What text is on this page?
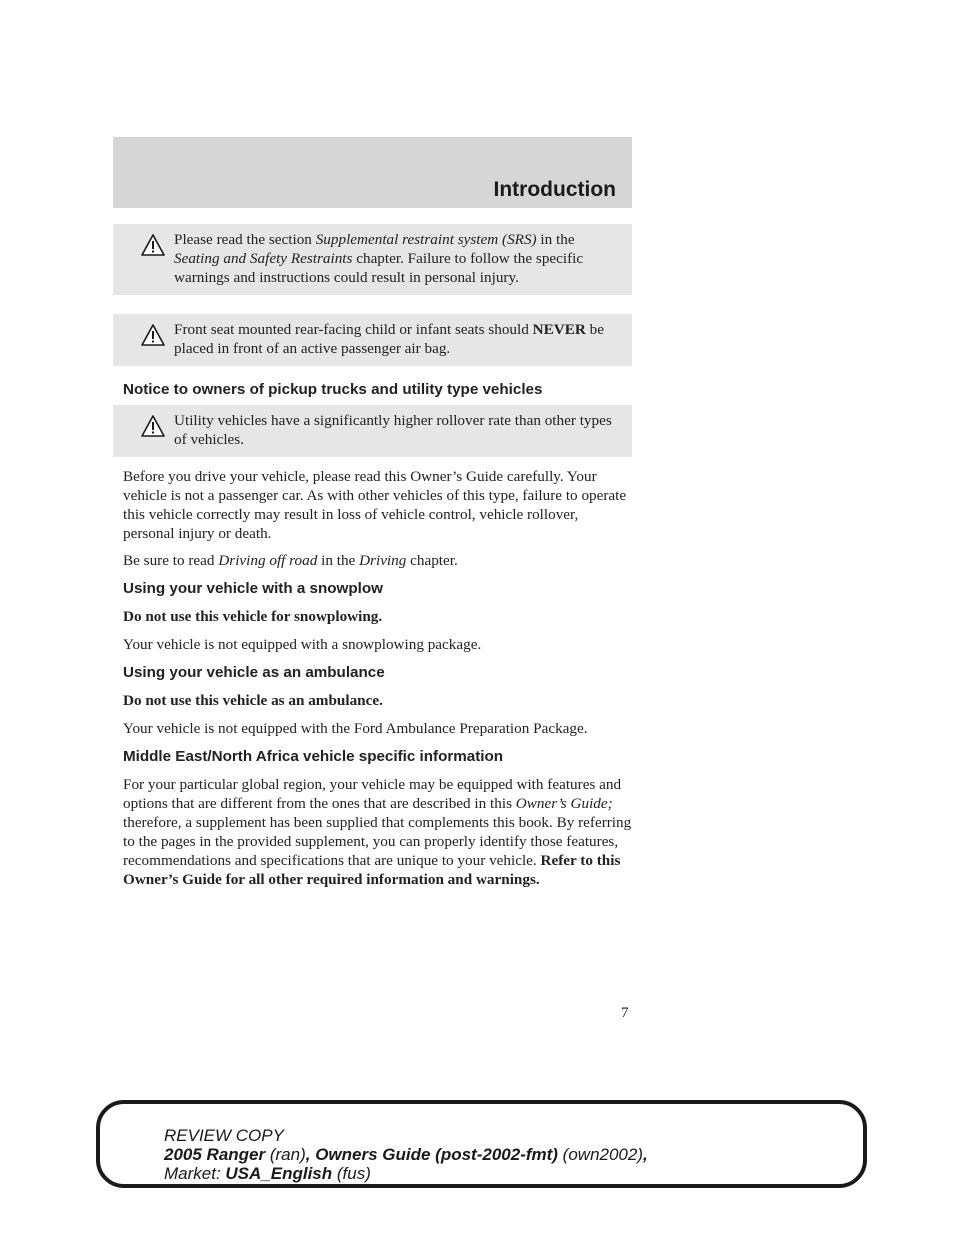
Introduction

Please read the section Supplemental restraint system (SRS) in the Seating and Safety Restraints chapter. Failure to follow the specific warnings and instructions could result in personal injury.

Front seat mounted rear-facing child or infant seats should NEVER be placed in front of an active passenger air bag.

Notice to owners of pickup trucks and utility type vehicles

Utility vehicles have a significantly higher rollover rate than other types of vehicles.

Before you drive your vehicle, please read this Owner’s Guide carefully. Your vehicle is not a passenger car. As with other vehicles of this type, failure to operate this vehicle correctly may result in loss of vehicle control, vehicle rollover, personal injury or death.

Be sure to read Driving off road in the Driving chapter.

Using your vehicle with a snowplow

Do not use this vehicle for snowplowing.

Your vehicle is not equipped with a snowplowing package.

Using your vehicle as an ambulance

Do not use this vehicle as an ambulance.

Your vehicle is not equipped with the Ford Ambulance Preparation Package.

Middle East/North Africa vehicle specific information

For your particular global region, your vehicle may be equipped with features and options that are different from the ones that are described in this Owner’s Guide; therefore, a supplement has been supplied that complements this book. By referring to the pages in the provided supplement, you can properly identify those features, recommendations and specifications that are unique to your vehicle. Refer to this Owner’s Guide for all other required information and warnings.

7
REVIEW COPY
2005 Ranger (ran), Owners Guide (post-2002-fmt) (own2002),
Market: USA_English (fus)
